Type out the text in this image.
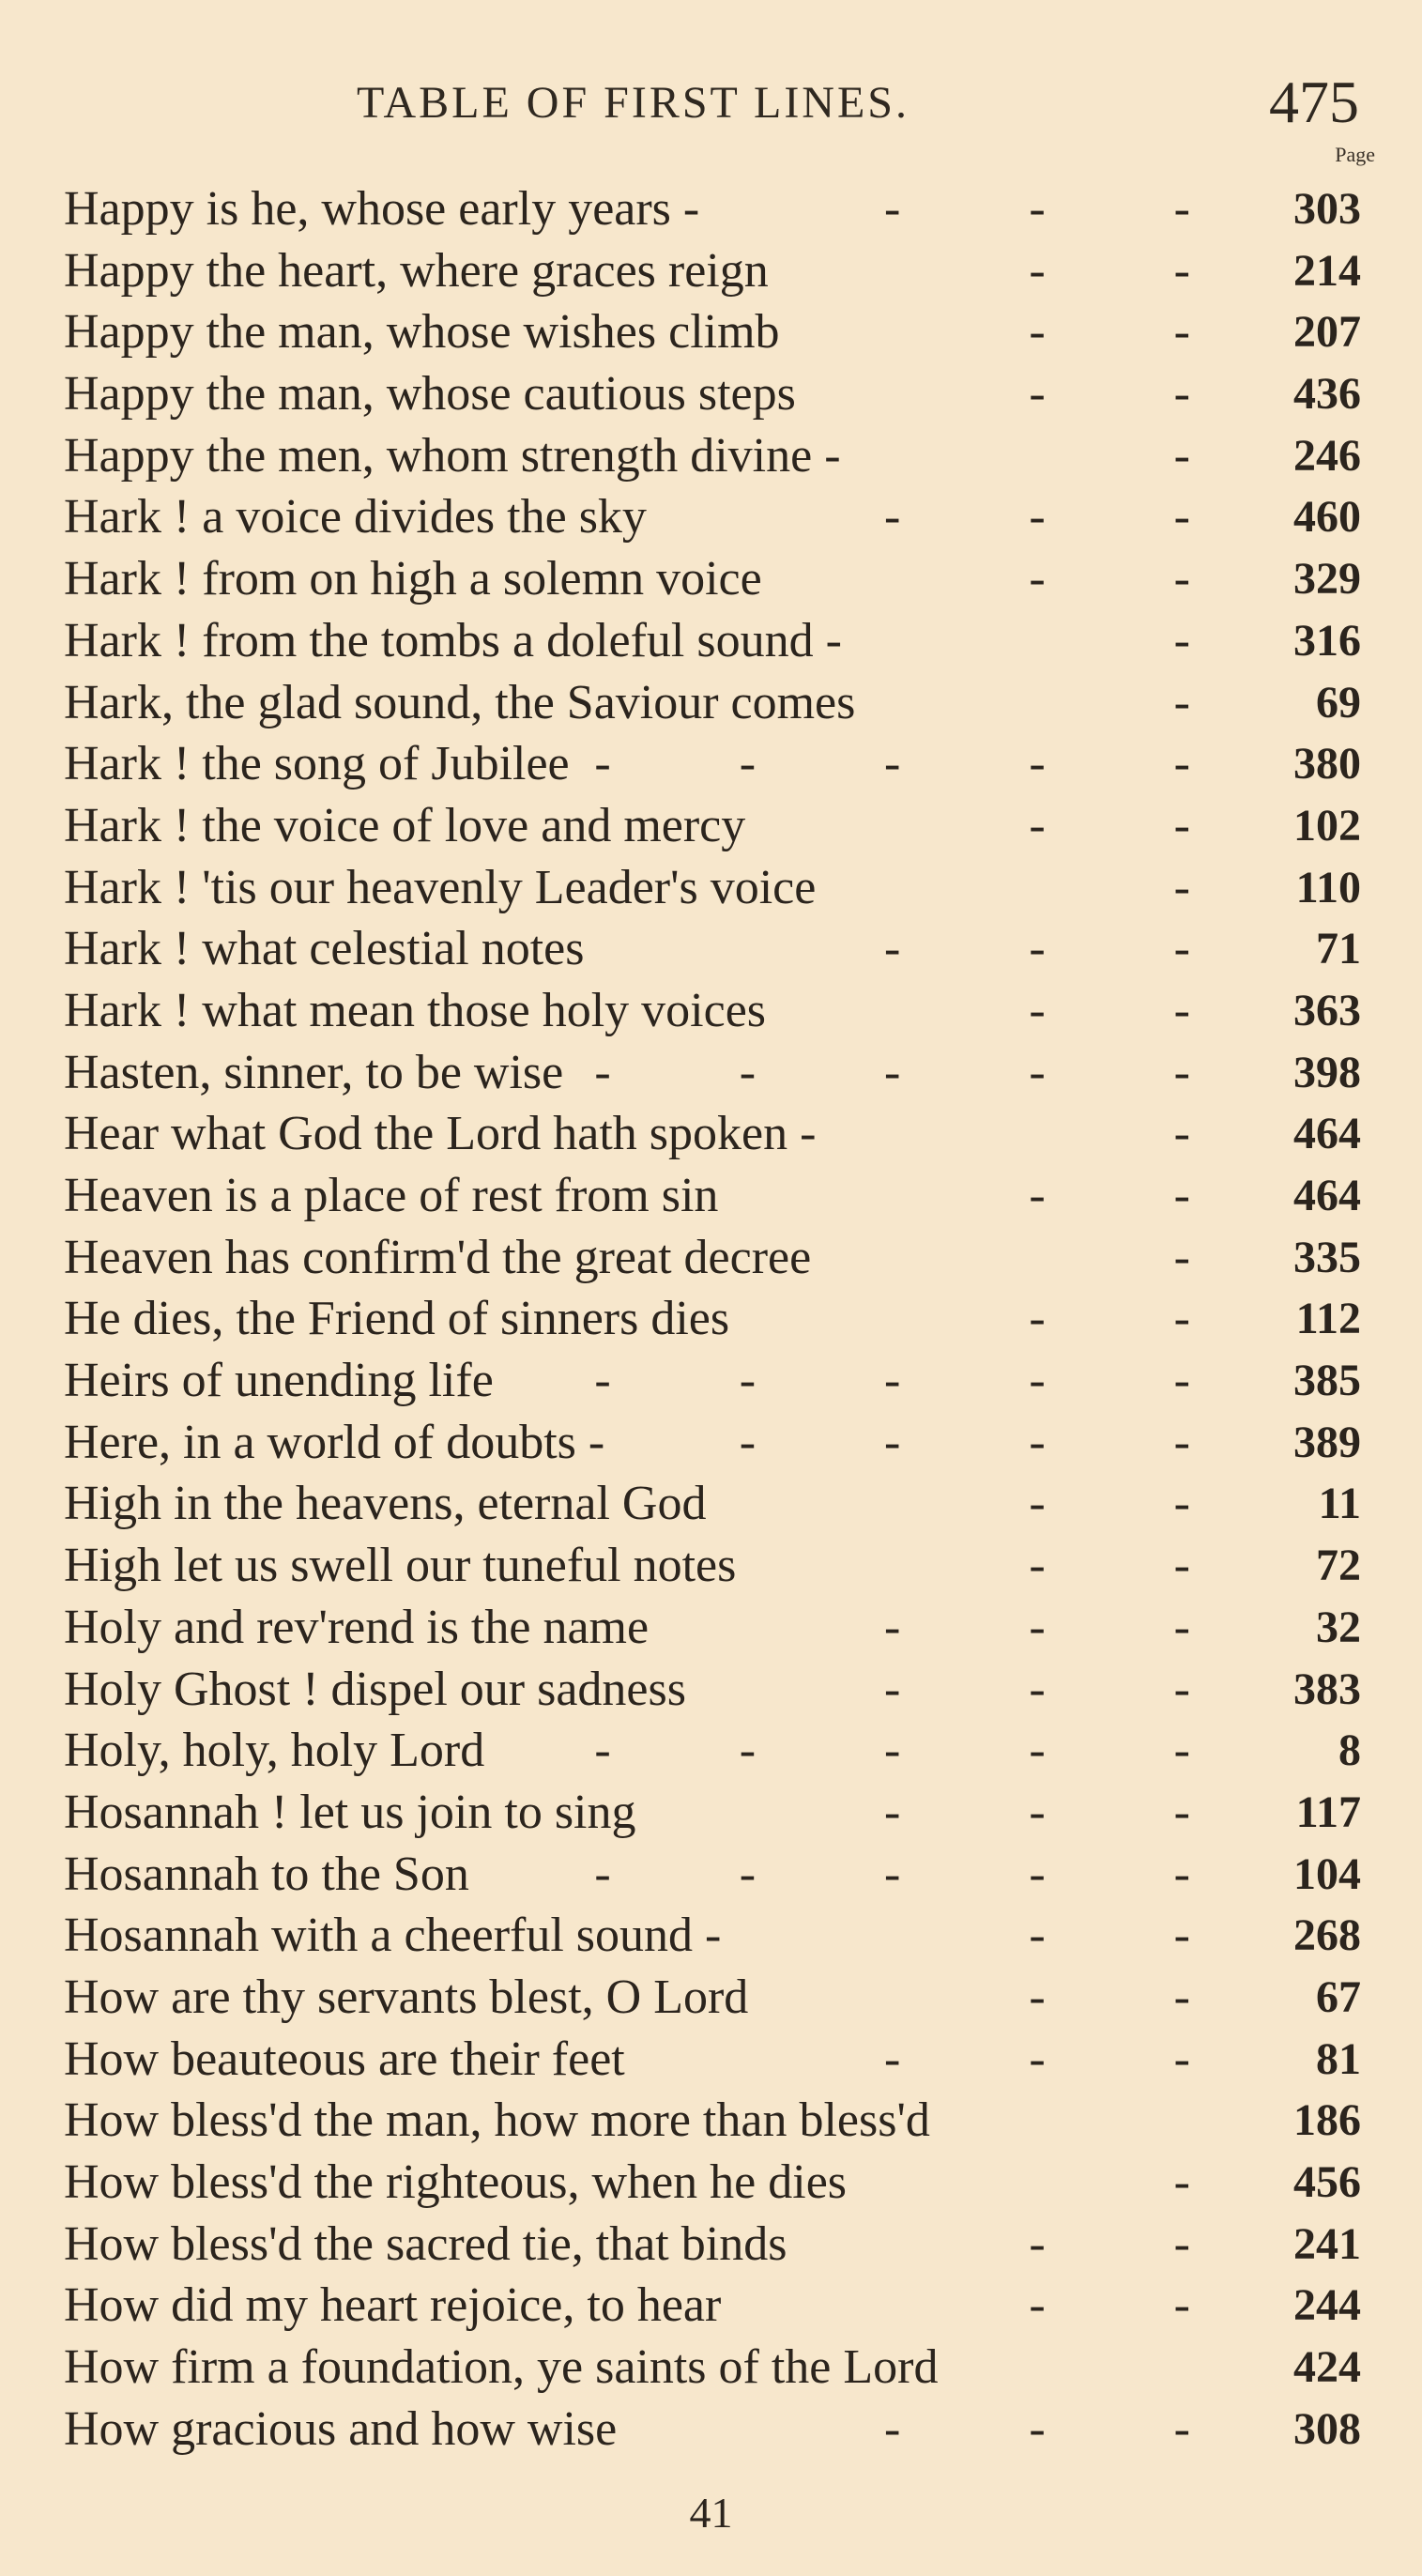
TABLE OF FIRST LINES.	475
Page
Happy is he, whose early years -	- - -	303
Happy the heart, where graces reign	- -	214
Happy the man, whose wishes climb	- -	207
Happy the man, whose cautious steps	- -	436
Happy the men, whom strength divine -	-	246
Hark ! a voice divides the sky	- - -	460
Hark ! from on high a solemn voice	- -	329
Hark ! from the tombs a doleful sound -	-	316
Hark, the glad sound, the Saviour comes	-	69
Hark ! the song of Jubilee - - - - -	380
Hark ! the voice of love and mercy	- -	102
Hark ! 'tis our heavenly Leader's voice	-	110
Hark ! what celestial notes	- - -	71
Hark ! what mean those holy voices	- -	363
Hasten, sinner, to be wise - - - - -	398
Hear what God the Lord hath spoken -	-	464
Heaven is a place of rest from sin	- -	464
Heaven has confirm'd the great decree	-	335
He dies, the Friend of sinners dies	- -	112
Heirs of unending life - - - - -	385
Here, in a world of doubts -	- - - -	389
High in the heavens, eternal God	- -	11
High let us swell our tuneful notes	- -	72
Holy and rev'rend is the name	- - -	32
Holy Ghost ! dispel our sadness	- - -	383
Holy, holy, holy Lord - - - - -	8
Hosannah ! let us join to sing	- - -	117
Hosannah to the Son	- - - - -	104
Hosannah with a cheerful sound -	- -	268
How are thy servants blest, O Lord	- -	67
How beauteous are their feet	- - -	81
How bless'd the man, how more than bless'd	186
How bless'd the righteous, when he dies	-	456
How bless'd the sacred tie, that binds	- -	241
How did my heart rejoice, to hear	- -	244
How firm a foundation, ye saints of the Lord	424
How gracious and how wise	- - -	308
41
